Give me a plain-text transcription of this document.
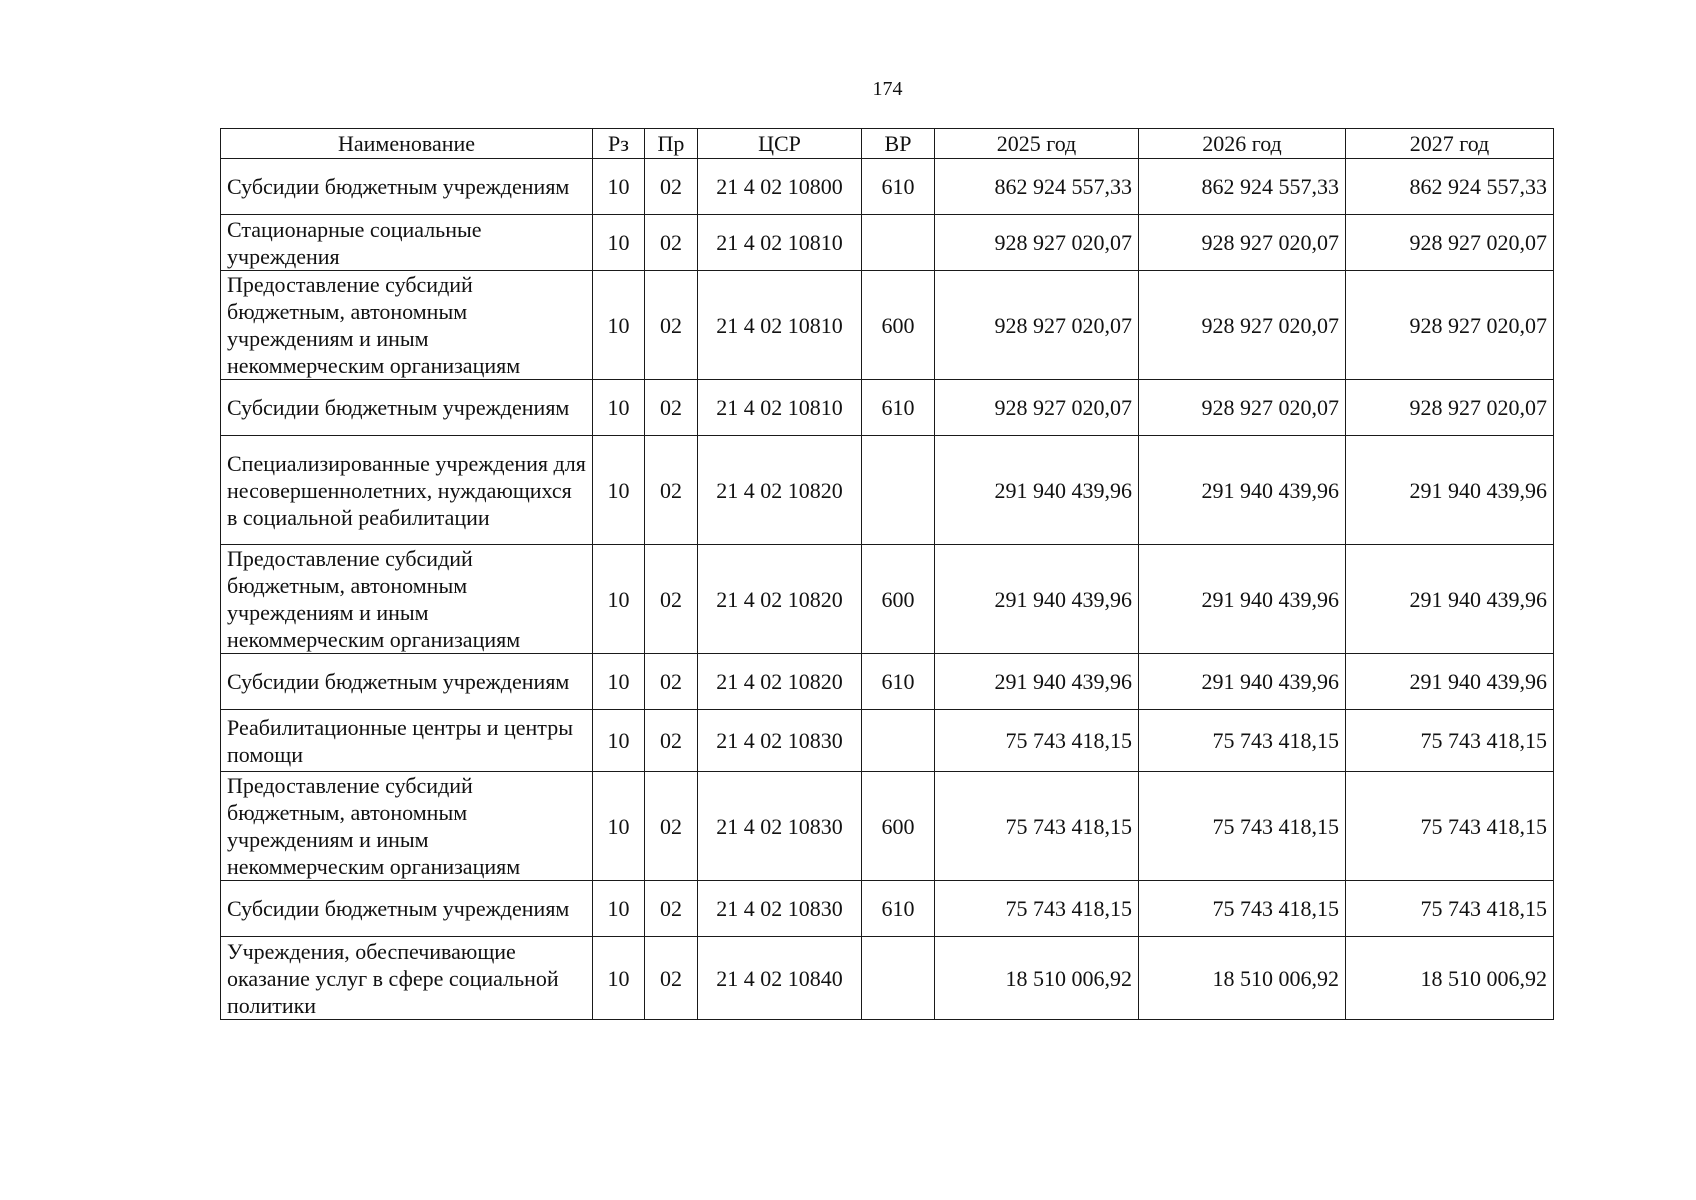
174
Наименование	Рз	Пр	ЦСР	ВР	2025 год	2026 год	2027 год
Субсидии бюджетным учреждениям	10	02	21 4 02 10800	610	862 924 557,33	862 924 557,33	862 924 557,33
Стационарные социальные учреждения	10	02	21 4 02 10810		928 927 020,07	928 927 020,07	928 927 020,07
Предоставление субсидий бюджетным, автономным учреждениям и иным некоммерческим организациям	10	02	21 4 02 10810	600	928 927 020,07	928 927 020,07	928 927 020,07
Субсидии бюджетным учреждениям	10	02	21 4 02 10810	610	928 927 020,07	928 927 020,07	928 927 020,07
Специализированные учреждения для несовершеннолетних, нуждающихся в социальной реабилитации	10	02	21 4 02 10820		291 940 439,96	291 940 439,96	291 940 439,96
Предоставление субсидий бюджетным, автономным учреждениям и иным некоммерческим организациям	10	02	21 4 02 10820	600	291 940 439,96	291 940 439,96	291 940 439,96
Субсидии бюджетным учреждениям	10	02	21 4 02 10820	610	291 940 439,96	291 940 439,96	291 940 439,96
Реабилитационные центры и центры помощи	10	02	21 4 02 10830		75 743 418,15	75 743 418,15	75 743 418,15
Предоставление субсидий бюджетным, автономным учреждениям и иным некоммерческим организациям	10	02	21 4 02 10830	600	75 743 418,15	75 743 418,15	75 743 418,15
Субсидии бюджетным учреждениям	10	02	21 4 02 10830	610	75 743 418,15	75 743 418,15	75 743 418,15
Учреждения, обеспечивающие оказание услуг в сфере социальной политики	10	02	21 4 02 10840		18 510 006,92	18 510 006,92	18 510 006,92
